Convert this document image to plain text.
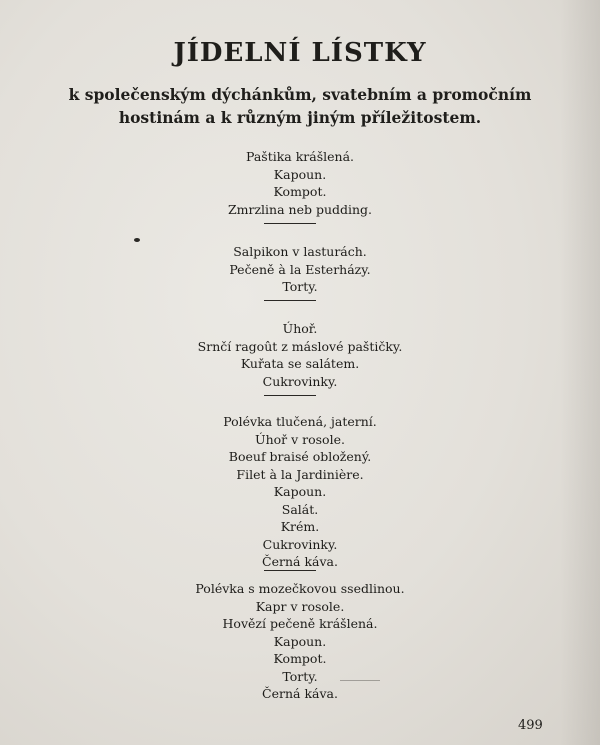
JÍDELNÍ LÍSTKY
k společenským dýchánkům, svatebním a promočním
hostinám a k různým jiným příležitostem.
Paštika krášlená.
Kapoun.
Kompot.
Zmrzlina neb pudding.
Salpikon v lasturách.
Pečeně à la Esterházy.
Torty.
Úhoř.
Srnčí ragoût z máslové paštičky.
Kuřata se salátem.
Cukrovinky.
Polévka tlučená, jaterní.
Úhoř v rosole.
Boeuf braisé obložený.
Filet à la Jardinière.
Kapoun.
Salát.
Krém.
Cukrovinky.
Černá káva.
Polévka s mozečkovou ssedlinou.
Kapr v rosole.
Hovězí pečeně krášlená.
Kapoun.
Kompot.
Torty.
Černá káva.
499
